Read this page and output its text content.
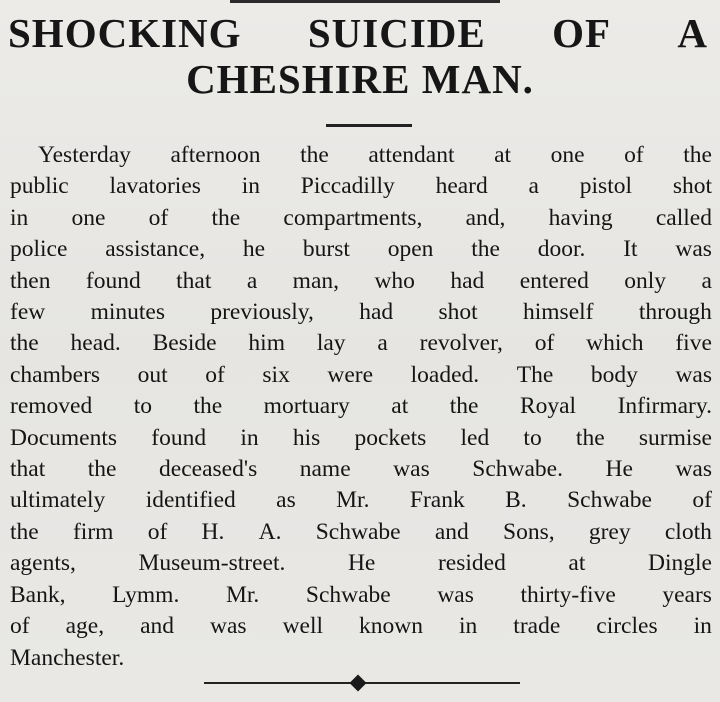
SHOCKING SUICIDE OF A
CHESHIRE MAN.
Yesterday afternoon the attendant at one of the
public lavatories in Piccadilly heard a pistol shot
in one of the compartments, and, having called
police assistance, he burst open the door. It was
then found that a man, who had entered only a
few minutes previously, had shot himself through
the head. Beside him lay a revolver, of which five
chambers out of six were loaded. The body was
removed to the mortuary at the Royal Infirmary.
Documents found in his pockets led to the surmise
that the deceased's name was Schwabe. He was
ultimately identified as Mr. Frank B. Schwabe of
the firm of H. A. Schwabe and Sons, grey cloth
agents,	Museum-street.	He	resided	at	Dingle
Bank, Lymm. Mr. Schwabe was thirty-five years
of age, and was well known in trade circles in
Manchester.
